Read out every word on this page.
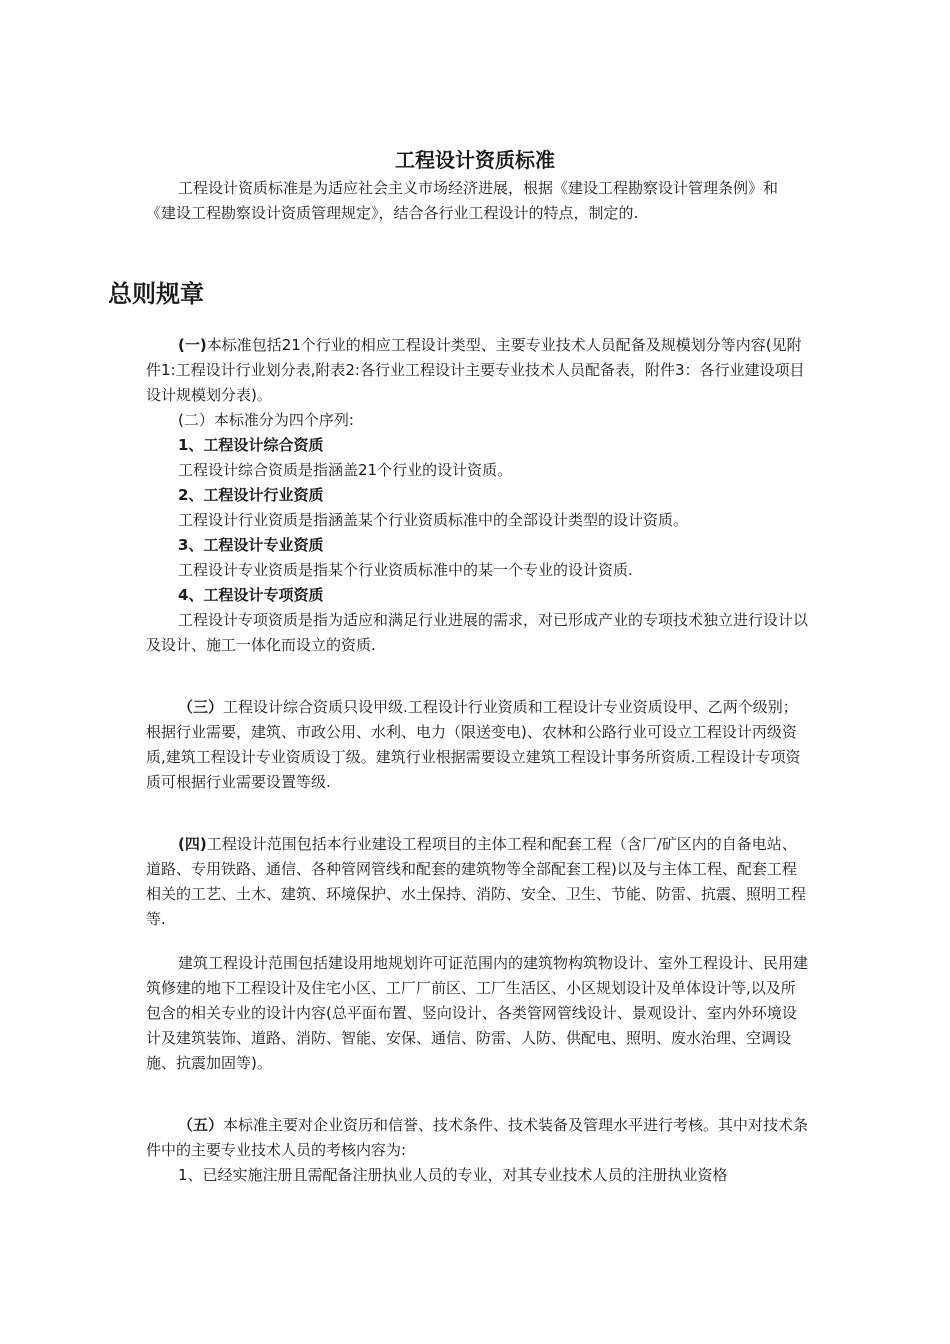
工程设计资质标准

工程设计资质标准是为适应社会主义市场经济进展，根据《建设工程勘察设计管理条例》和《建设工程勘察设计资质管理规定》，结合各行业工程设计的特点，制定的.

总则规章

(一)本标准包括21个行业的相应工程设计类型、主要专业技术人员配备及规模划分等内容(见附件1:工程设计行业划分表,附表2:各行业工程设计主要专业技术人员配备表，附件3：各行业建设项目设计规模划分表)。

(二）本标准分为四个序列:

1、工程设计综合资质
工程设计综合资质是指涵盖21个行业的设计资质。
2、工程设计行业资质
工程设计行业资质是指涵盖某个行业资质标准中的全部设计类型的设计资质。
3、工程设计专业资质
工程设计专业资质是指某个行业资质标准中的某一个专业的设计资质.
4、工程设计专项资质

工程设计专项资质是指为适应和满足行业进展的需求，对已形成产业的专项技术独立进行设计以及设计、施工一体化而设立的资质.

（三）工程设计综合资质只设甲级.工程设计行业资质和工程设计专业资质设甲、乙两个级别；根据行业需要，建筑、市政公用、水利、电力（限送变电)、农林和公路行业可设立工程设计丙级资质,建筑工程设计专业资质设丁级。建筑行业根据需要设立建筑工程设计事务所资质.工程设计专项资质可根据行业需要设置等级.

(四)工程设计范围包括本行业建设工程项目的主体工程和配套工程（含厂/矿区内的自备电站、道路、专用铁路、通信、各种管网管线和配套的建筑物等全部配套工程)以及与主体工程、配套工程相关的工艺、土木、建筑、环境保护、水土保持、消防、安全、卫生、节能、防雷、抗震、照明工程等.

建筑工程设计范围包括建设用地规划许可证范围内的建筑物构筑物设计、室外工程设计、民用建筑修建的地下工程设计及住宅小区、工厂厂前区、工厂生活区、小区规划设计及单体设计等,以及所包含的相关专业的设计内容(总平面布置、竖向设计、各类管网管线设计、景观设计、室内外环境设计及建筑装饰、道路、消防、智能、安保、通信、防雷、人防、供配电、照明、废水治理、空调设施、抗震加固等)。

（五）本标准主要对企业资历和信誉、技术条件、技术装备及管理水平进行考核。其中对技术条件中的主要专业技术人员的考核内容为:

1、已经实施注册且需配备注册执业人员的专业，对其专业技术人员的注册执业资格
